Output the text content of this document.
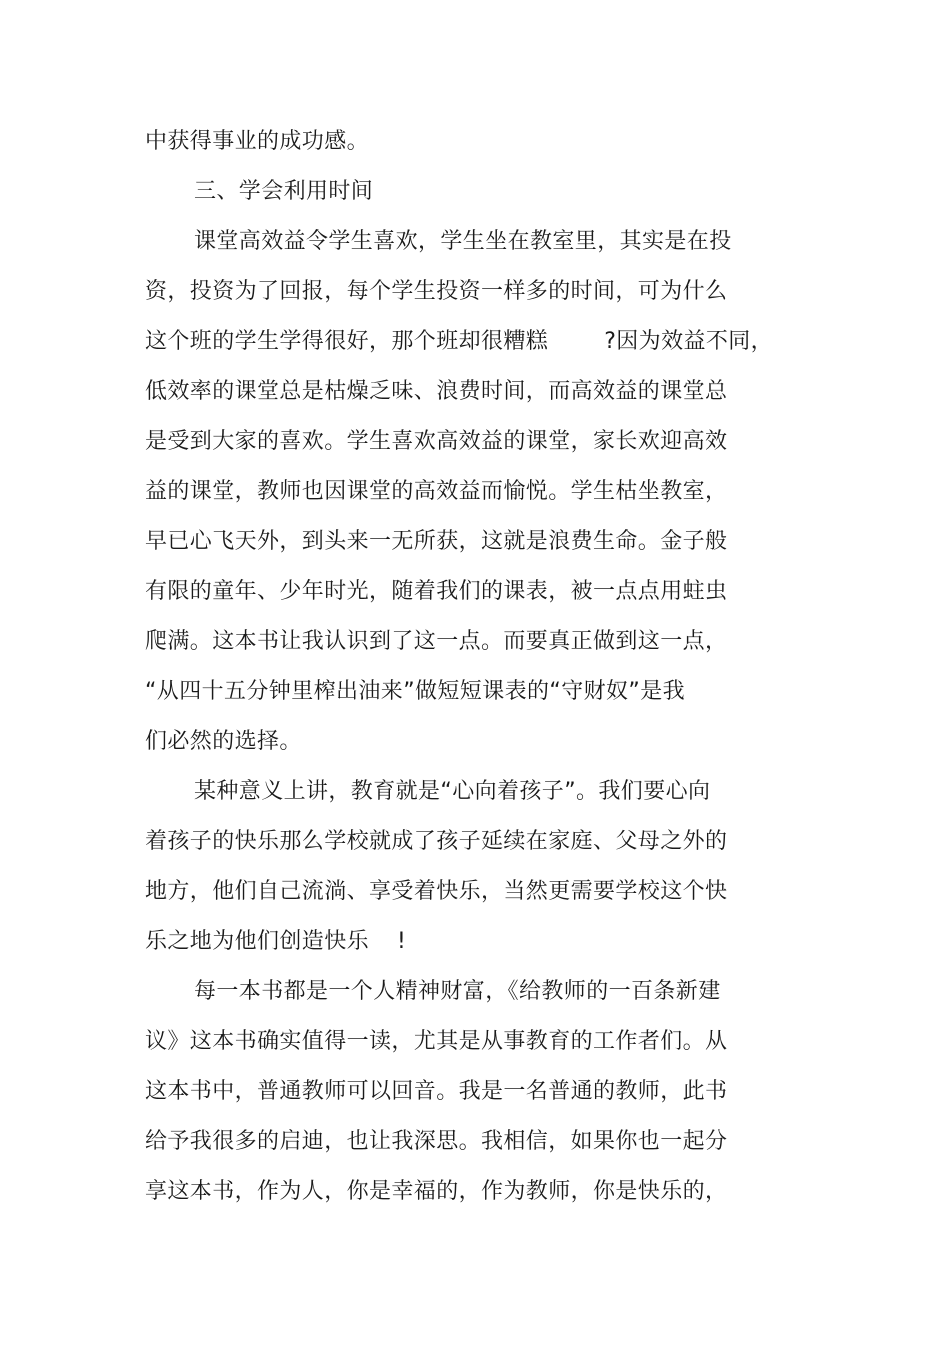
中获得事业的成功感。
三、学会利用时间
课堂高效益令学生喜欢，学生坐在教室里，其实是在投
资，投资为了回报，每个学生投资一样多的时间，可为什么
这个班的学生学得很好，那个班却很糟糕	?因为效益不同，
低效率的课堂总是枯燥乏味、浪费时间，而高效益的课堂总
是受到大家的喜欢。学生喜欢高效益的课堂，家长欢迎高效
益的课堂，教师也因课堂的高效益而愉悦。学生枯坐教室，
早已心飞天外，到头来一无所获，这就是浪费生命。金子般
有限的童年、少年时光，随着我们的课表，被一点点用蛀虫
爬满。这本书让我认识到了这一点。而要真正做到这一点，
“从四十五分钟里榨出油来”做短短课表的“守财奴”是我
们必然的选择。
某种意义上讲，教育就是“心向着孩子”。我们要心向
着孩子的快乐那么学校就成了孩子延续在家庭、父母之外的
地方，他们自己流淌、享受着快乐，当然更需要学校这个快
乐之地为他们创造快乐 !
每一本书都是一个人精神财富，《给教师的一百条新建
议》这本书确实值得一读，尤其是从事教育的工作者们。从
这本书中，普通教师可以回音。我是一名普通的教师，此书
给予我很多的启迪，也让我深思。我相信，如果你也一起分
享这本书，作为人，你是幸福的，作为教师，你是快乐的，
